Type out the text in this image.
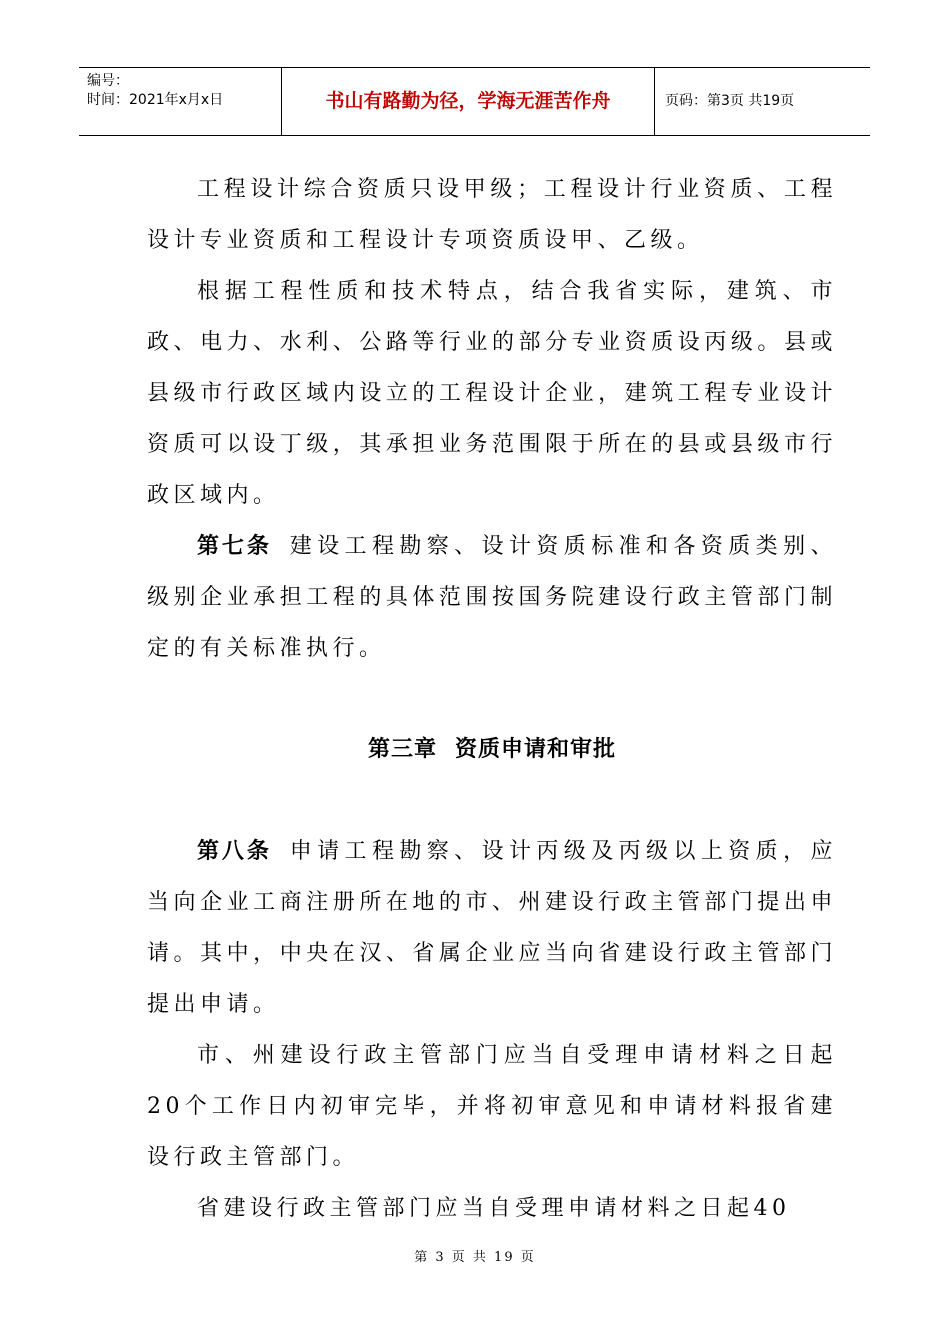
编号：
时间：2021年x月x日	书山有路勤为径，学海无涯苦作舟	页码：第3页 共19页

工程设计综合资质只设甲级；工程设计行业资质、工程设计专业资质和工程设计专项资质设甲、乙级。

根据工程性质和技术特点，结合我省实际，建筑、市政、电力、水利、公路等行业的部分专业资质设丙级。县或县级市行政区域内设立的工程设计企业，建筑工程专业设计资质可以设丁级，其承担业务范围限于所在的县或县级市行政区域内。

第七条 建设工程勘察、设计资质标准和各资质类别、级别企业承担工程的具体范围按国务院建设行政主管部门制定的有关标准执行。

第三章 资质申请和审批

第八条 申请工程勘察、设计丙级及丙级以上资质，应当向企业工商注册所在地的市、州建设行政主管部门提出申请。其中，中央在汉、省属企业应当向省建设行政主管部门提出申请。

市、州建设行政主管部门应当自受理申请材料之日起20个工作日内初审完毕，并将初审意见和申请材料报省建设行政主管部门。

省建设行政主管部门应当自受理申请材料之日起40

第 3 页 共 19 页
